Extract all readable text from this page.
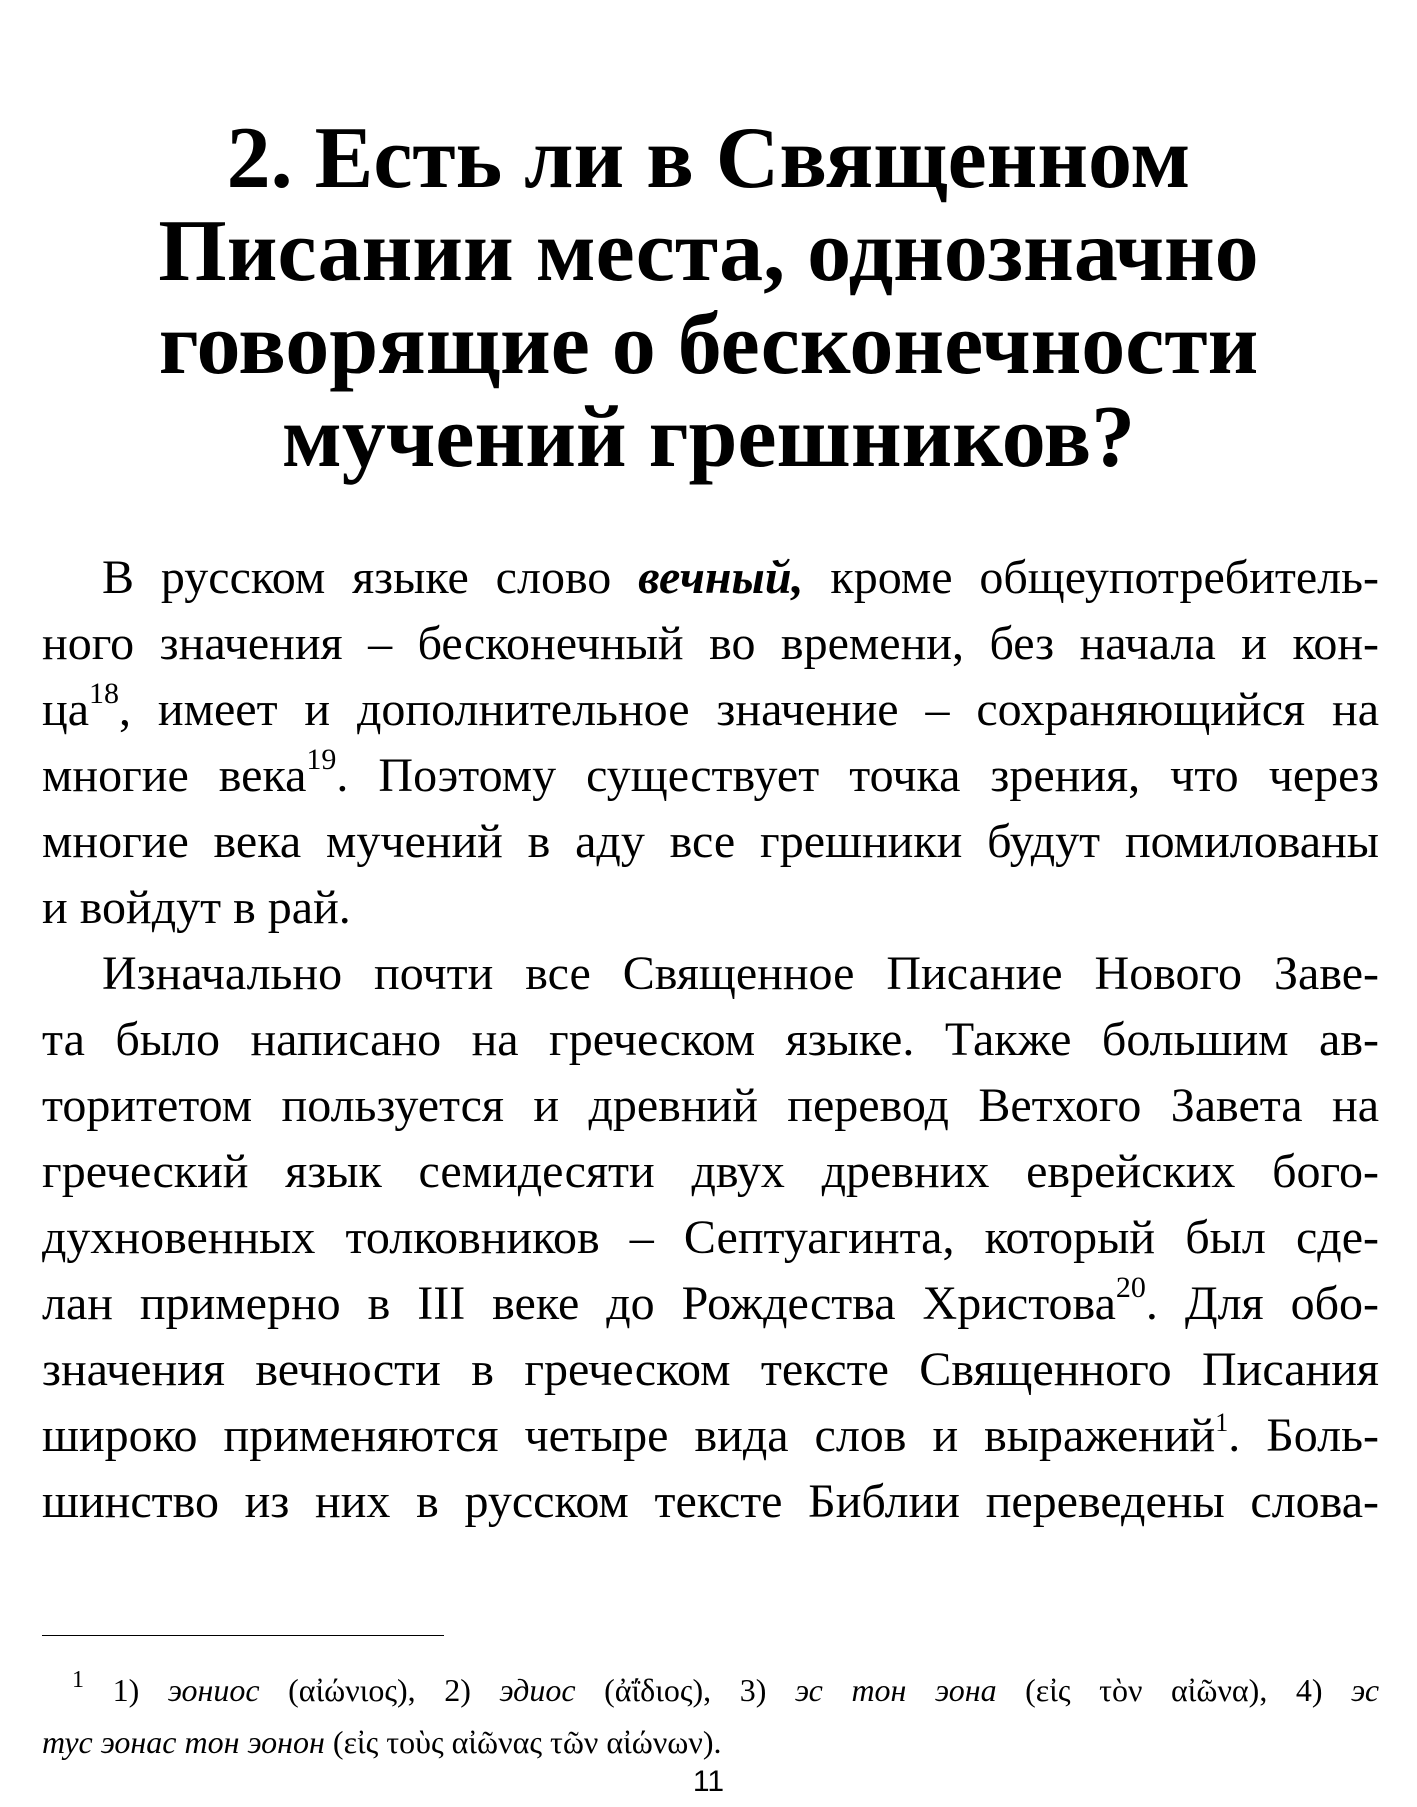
2. Есть ли в Священном
Писании места, однозначно
говорящие о бесконечности
мучений грешников?
В русском языке слово вечный, кроме общеупотребитель-
ного значения – бесконечный во времени, без начала и кон-
ца$^{18}$, имеет и дополнительное значение – сохраняющийся на
многие века$^{19}$. Поэтому существует точка зрения, что через
многие века мучений в аду все грешники будут помилованы
и войдут в рай.
Изначально почти все Священное Писание Нового Заве-
та было написано на греческом языке. Также большим ав-
торитетом пользуется и древний перевод Ветхого Завета на
греческий язык семидесяти двух древних еврейских бого-
духновенных толковников – Септуагинта, который был сде-
лан примерно в III веке до Рождества Христова$^{20}$. Для обо-
значения вечности в греческом тексте Священного Писания
широко применяются четыре вида слов и выражений$^1$. Боль-
шинство из них в русском тексте Библии переведены слова-
$^1$ 1) эониос (αἰώνιος), 2) эдиос (ἀΐδιος), 3) эс тон эона (εἰς τὸν αἰῶνα), 4) эс
тус эонас тон эонон (εἰς τοὺς αἰῶνας τῶν αἰώνων).
11
